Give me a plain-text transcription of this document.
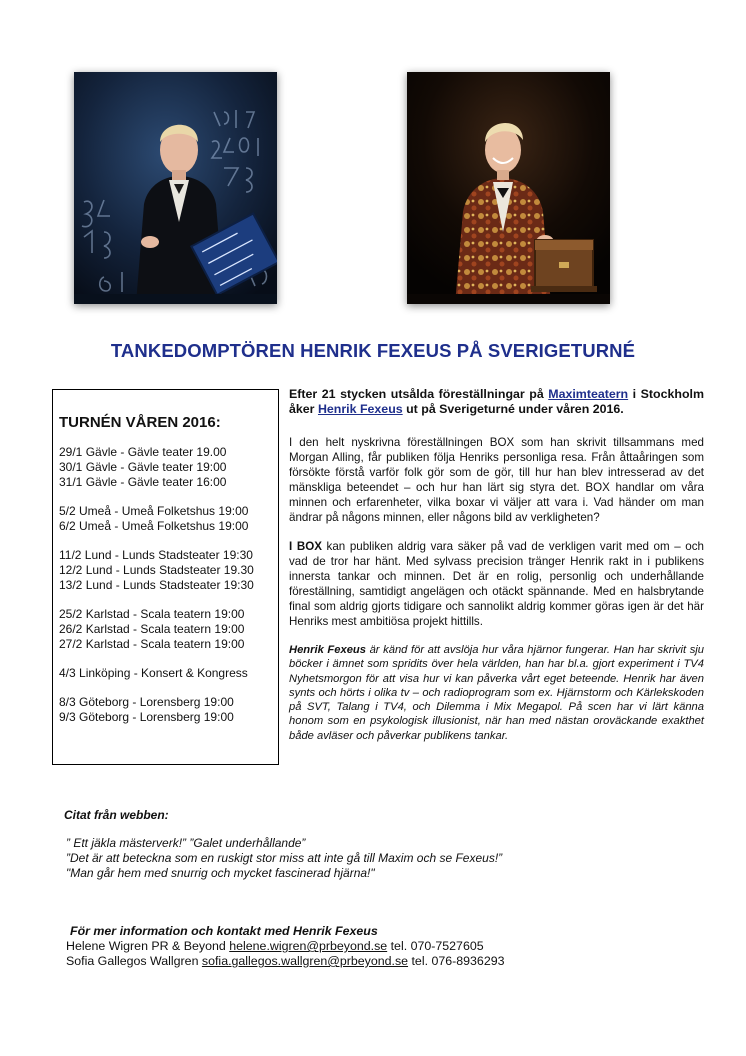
TANKEDOMPTÖREN HENRIK FEXEUS PÅ SVERIGETURNÉ
TURNÉN VÅREN 2016:
29/1 Gävle - Gävle teater 19.00
30/1 Gävle - Gävle teater 19:00
31/1 Gävle - Gävle teater 16:00
5/2 Umeå - Umeå Folketshus 19:00
6/2 Umeå - Umeå Folketshus 19:00
11/2 Lund - Lunds Stadsteater 19:30
12/2 Lund - Lunds Stadsteater 19.30
13/2 Lund - Lunds Stadsteater 19:30
25/2 Karlstad - Scala teatern 19:00
26/2 Karlstad - Scala teatern 19:00
27/2 Karlstad - Scala teatern 19:00
4/3 Linköping - Konsert & Kongress
8/3 Göteborg - Lorensberg 19:00
9/3 Göteborg - Lorensberg 19:00

Efter 21 stycken utsålda föreställningar på Maximteatern i Stockholm åker Henrik Fexeus ut på Sverigeturné under våren 2016.

I den helt nyskrivna föreställningen BOX som han skrivit tillsammans med Morgan Alling, får publiken följa Henriks personliga resa. Från åttaåringen som försökte förstå varför folk gör som de gör, till hur han blev intresserad av det mänskliga beteendet – och hur han lärt sig styra det. BOX handlar om våra minnen och erfarenheter, vilka boxar vi väljer att vara i. Vad händer om man ändrar på någons minnen, eller någons bild av verkligheten?

I BOX kan publiken aldrig vara säker på vad de verkligen varit med om – och vad de tror har hänt. Med sylvass precision tränger Henrik rakt in i publikens innersta tankar och minnen. Det är en rolig, personlig och underhållande föreställning, samtidigt angelägen och otäckt spännande. Med en halsbrytande final som aldrig gjorts tidigare och sannolikt aldrig kommer göras igen är det här Henriks mest ambitiösa projekt hittills.

Henrik Fexeus är känd för att avslöja hur våra hjärnor fungerar. Han har skrivit sju böcker i ämnet som spridits över hela världen, han har bl.a. gjort experiment i TV4 Nyhetsmorgon för att visa hur vi kan påverka vårt eget beteende. Henrik har även synts och hörts i olika tv – och radioprogram som ex. Hjärnstorm och Kärlekskoden på SVT, Talang i TV4, och Dilemma i Mix Megapol. På scen har vi lärt känna honom som en psykologisk illusionist, när han med nästan oroväckande exakthet både avläser och påverkar publikens tankar.

Citat från webben:
” Ett jäkla mästerverk!” ”Galet underhållande”
”Det är att beteckna som en ruskigt stor miss att inte gå till Maxim och se Fexeus!”
"Man går hem med snurrig och mycket fascinerad hjärna!"
För mer information och kontakt med Henrik Fexeus
Helene Wigren PR & Beyond helene.wigren@prbeyond.se tel. 070-7527605
Sofia Gallegos Wallgren sofia.gallegos.wallgren@prbeyond.se tel. 076-8936293
